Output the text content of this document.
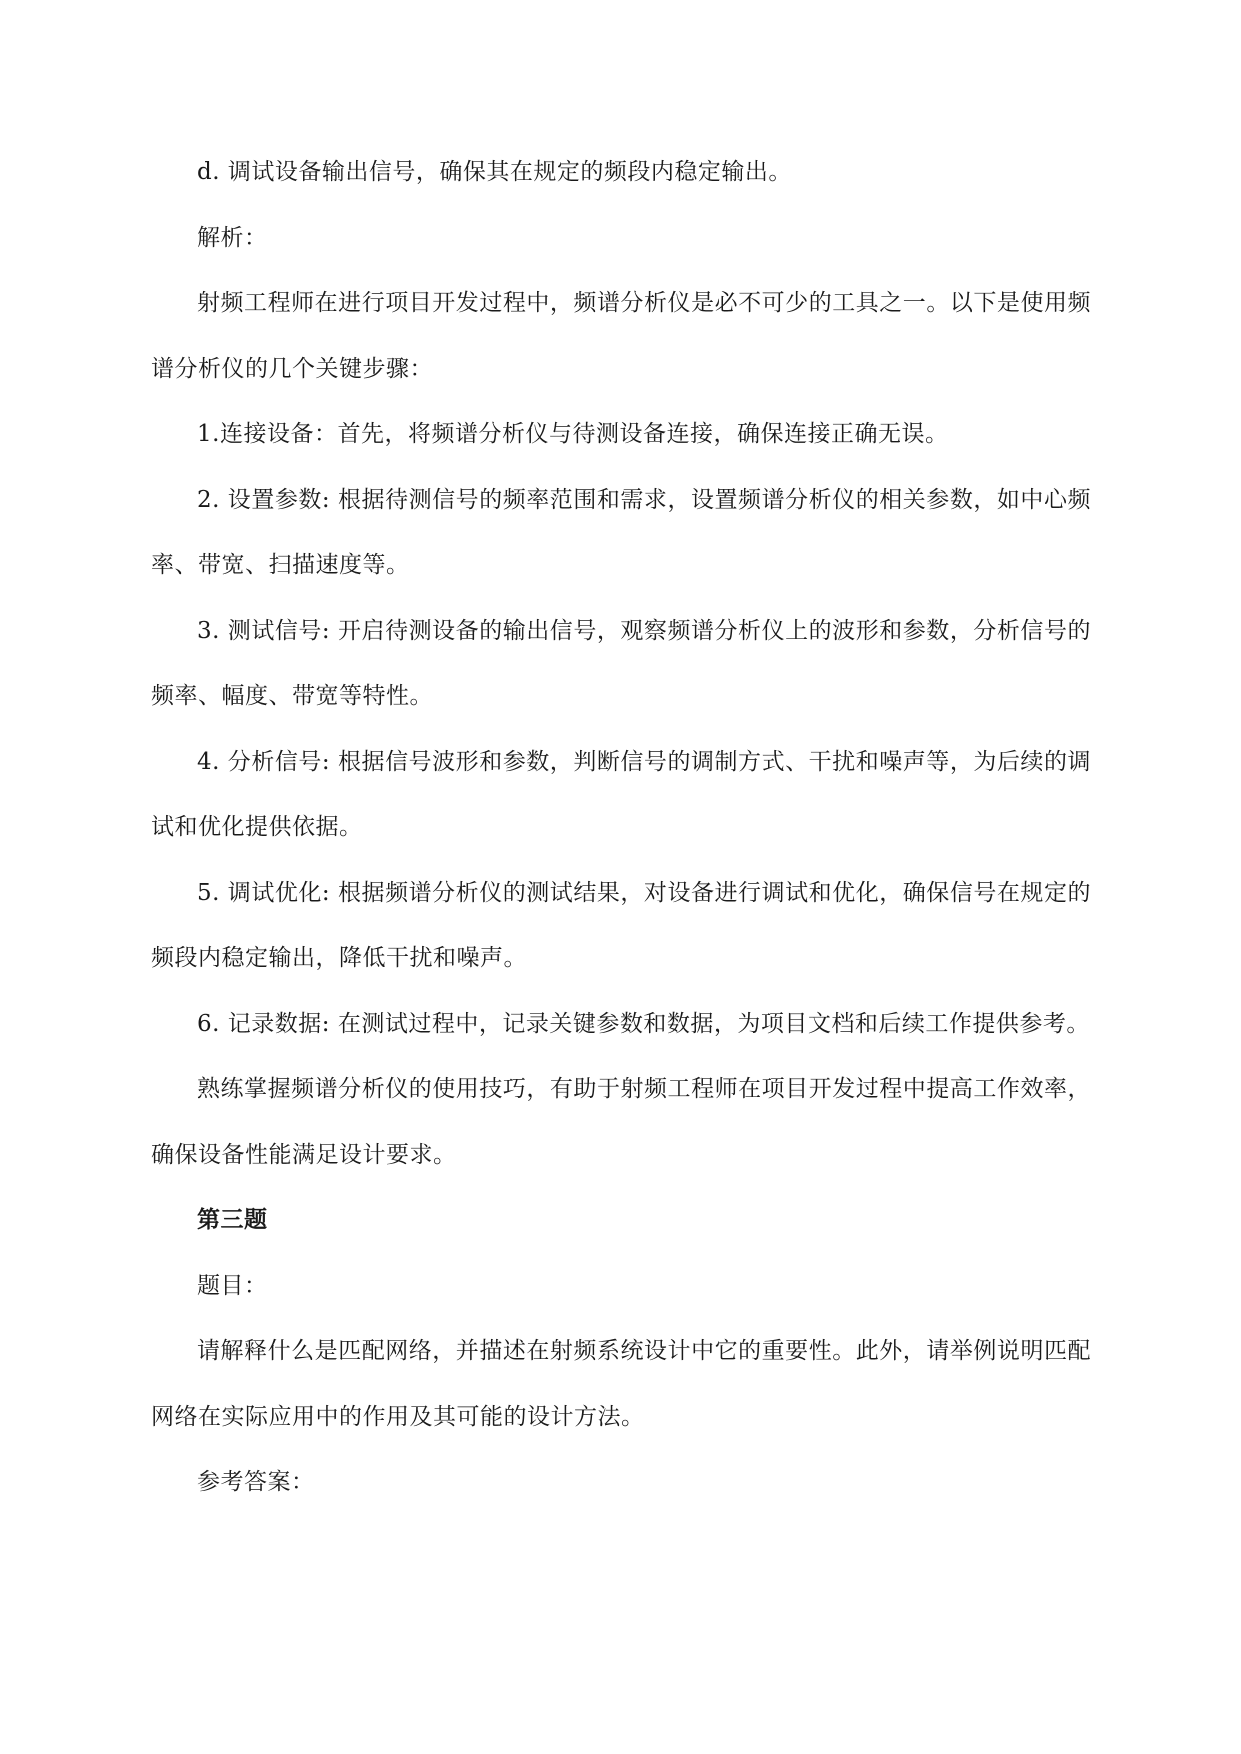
d. 调试设备输出信号，确保其在规定的频段内稳定输出。

解析：

射频工程师在进行项目开发过程中，频谱分析仪是必不可少的工具之一。以下是使用频谱分析仪的几个关键步骤：

1.连接设备：首先，将频谱分析仪与待测设备连接，确保连接正确无误。

2. 设置参数: 根据待测信号的频率范围和需求，设置频谱分析仪的相关参数，如中心频率、带宽、扫描速度等。

3. 测试信号: 开启待测设备的输出信号，观察频谱分析仪上的波形和参数，分析信号的频率、幅度、带宽等特性。

4. 分析信号: 根据信号波形和参数，判断信号的调制方式、干扰和噪声等，为后续的调试和优化提供依据。

5. 调试优化: 根据频谱分析仪的测试结果，对设备进行调试和优化，确保信号在规定的频段内稳定输出，降低干扰和噪声。

6. 记录数据: 在测试过程中，记录关键参数和数据，为项目文档和后续工作提供参考。

熟练掌握频谱分析仪的使用技巧，有助于射频工程师在项目开发过程中提高工作效率，确保设备性能满足设计要求。

第三题

题目：

请解释什么是匹配网络，并描述在射频系统设计中它的重要性。此外，请举例说明匹配网络在实际应用中的作用及其可能的设计方法。

参考答案：
